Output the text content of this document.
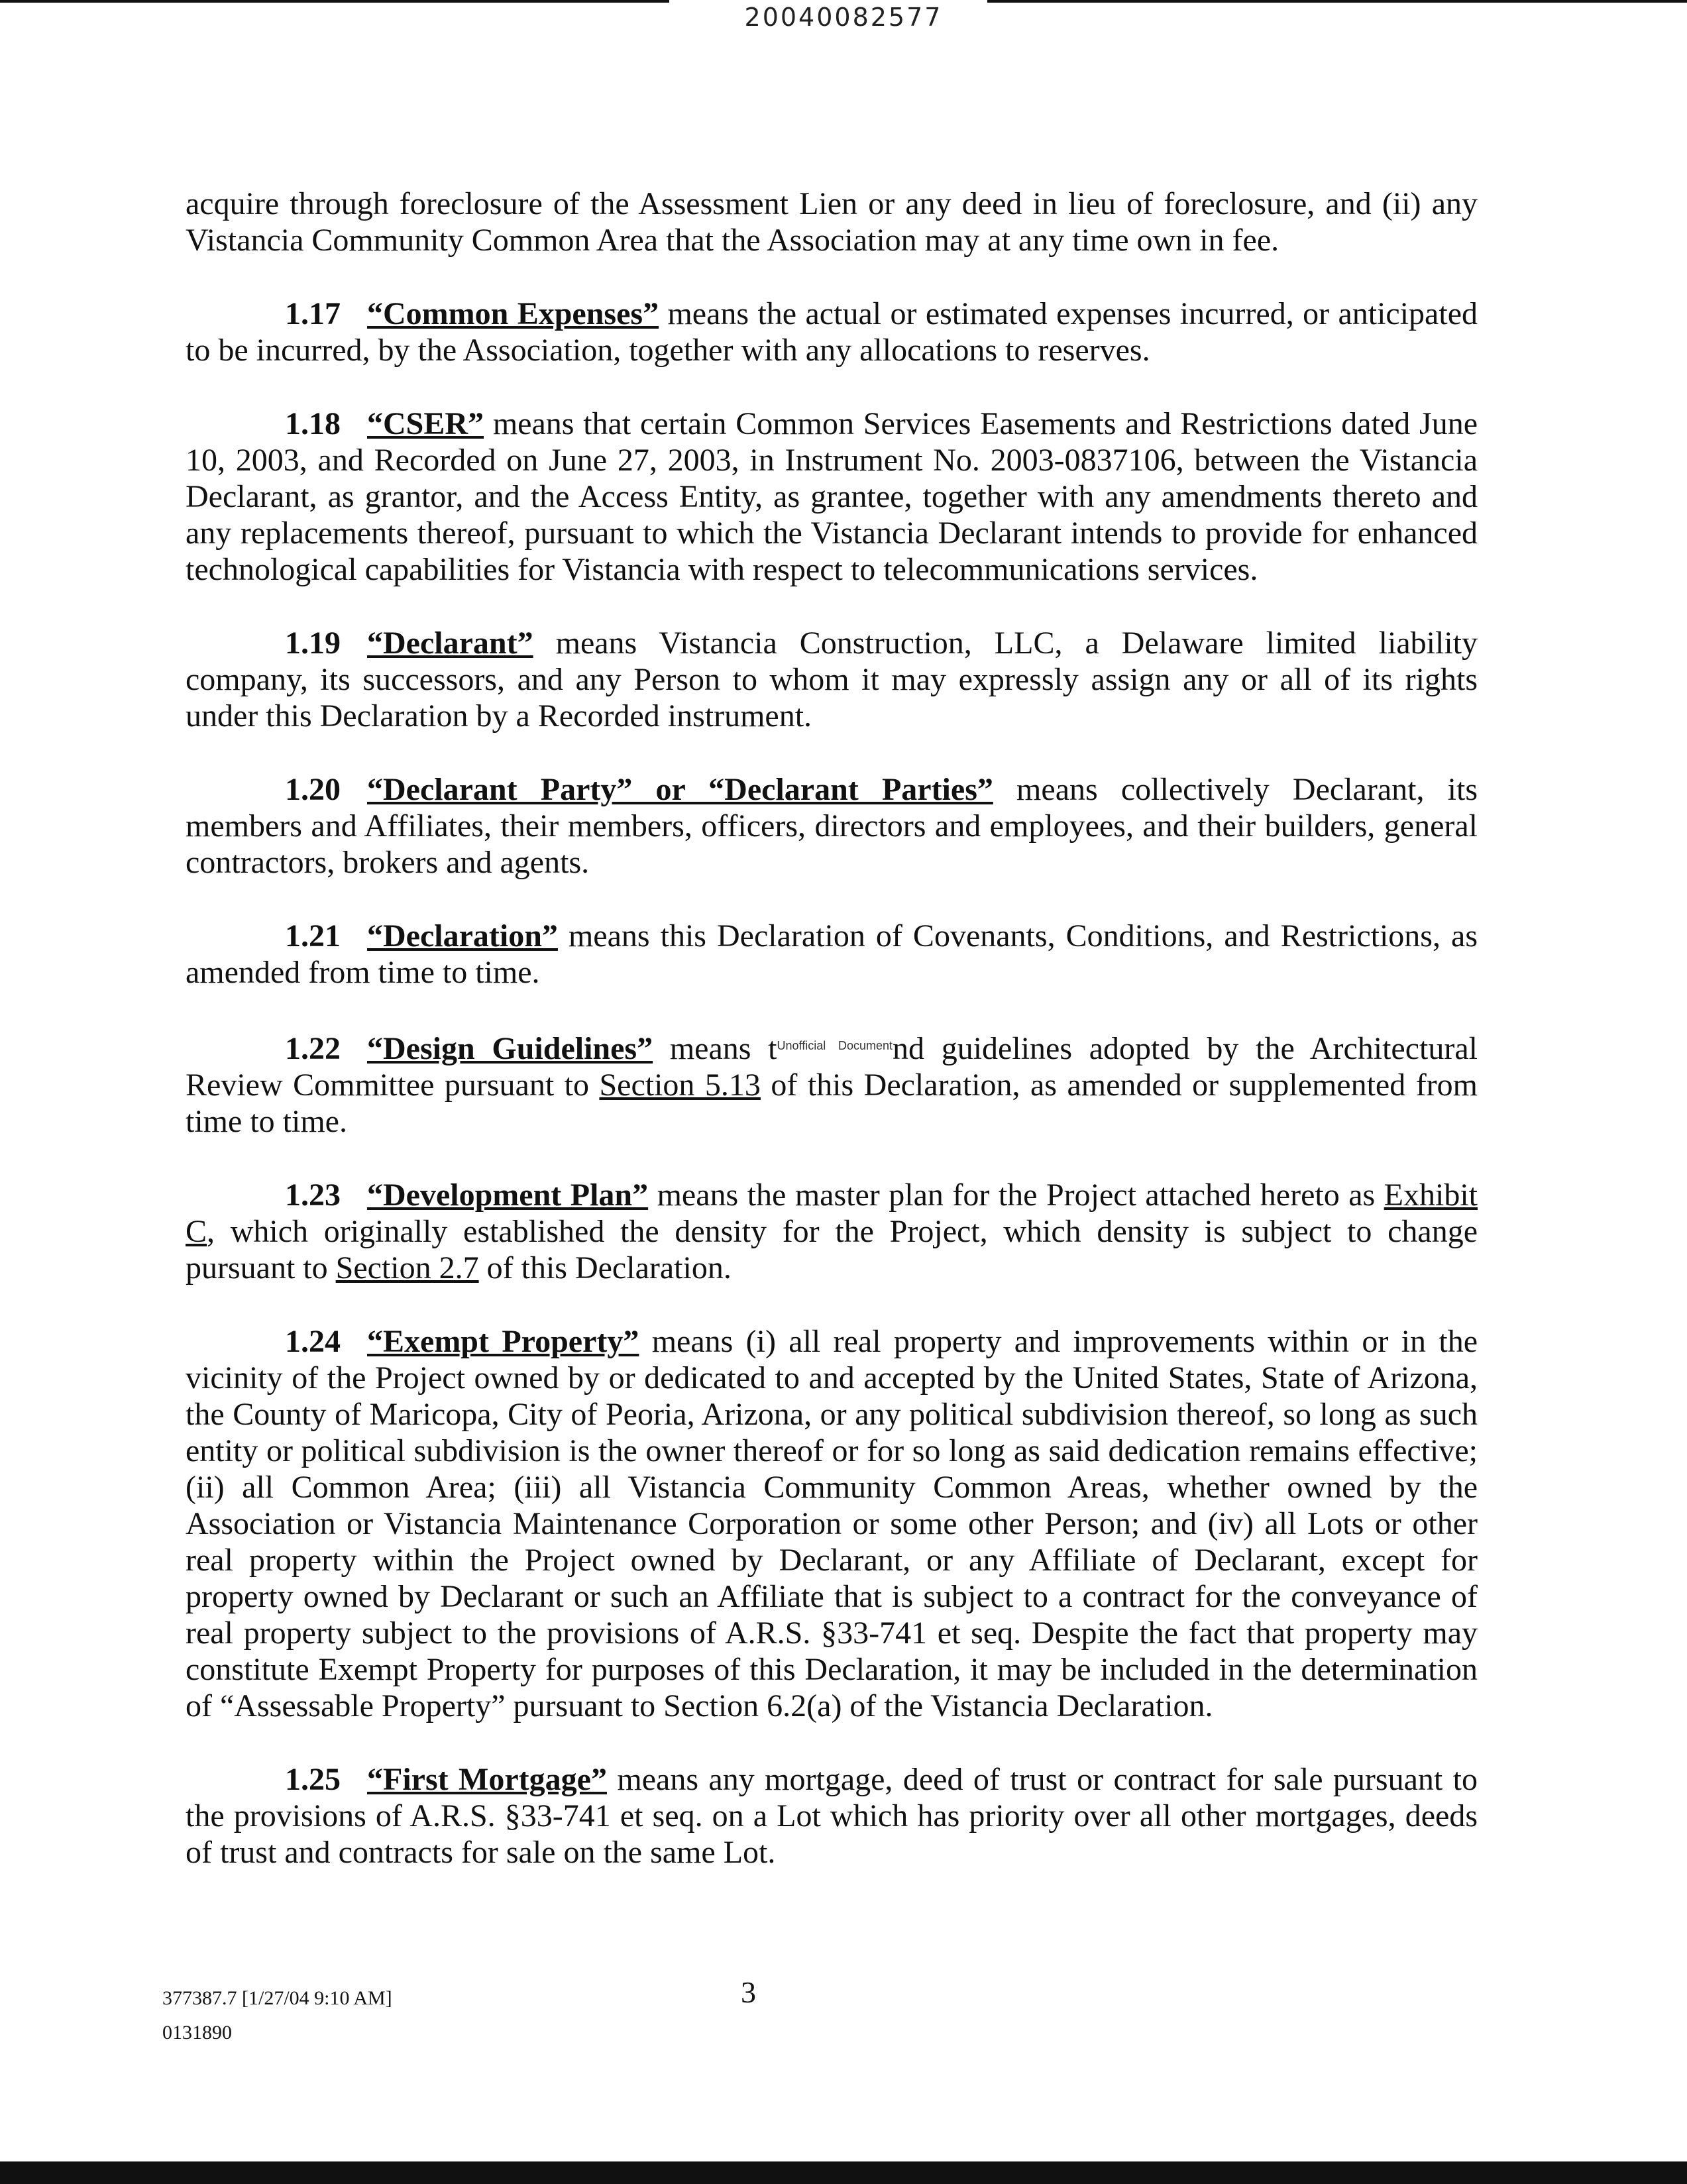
20040082577

acquire through foreclosure of the Assessment Lien or any deed in lieu of foreclosure, and (ii) any Vistancia Community Common Area that the Association may at any time own in fee.

1.17 “Common Expenses” means the actual or estimated expenses incurred, or anticipated to be incurred, by the Association, together with any allocations to reserves.

1.18 “CSER” means that certain Common Services Easements and Restrictions dated June 10, 2003, and Recorded on June 27, 2003, in Instrument No. 2003-0837106, between the Vistancia Declarant, as grantor, and the Access Entity, as grantee, together with any amendments thereto and any replacements thereof, pursuant to which the Vistancia Declarant intends to provide for enhanced technological capabilities for Vistancia with respect to telecommunications services.

1.19 “Declarant” means Vistancia Construction, LLC, a Delaware limited liability company, its successors, and any Person to whom it may expressly assign any or all of its rights under this Declaration by a Recorded instrument.

1.20 “Declarant Party” or “Declarant Parties” means collectively Declarant, its members and Affiliates, their members, officers, directors and employees, and their builders, general contractors, brokers and agents.

1.21 “Declaration” means this Declaration of Covenants, Conditions, and Restrictions, as amended from time to time.

1.22 “Design Guidelines” means $t^{Unofficial Document}nd$ guidelines adopted by the Architectural Review Committee pursuant to Section 5.13 of this Declaration, as amended or supplemented from time to time.

1.23 “Development Plan” means the master plan for the Project attached hereto as Exhibit C, which originally established the density for the Project, which density is subject to change pursuant to Section 2.7 of this Declaration.

1.24 “Exempt Property” means (i) all real property and improvements within or in the vicinity of the Project owned by or dedicated to and accepted by the United States, State of Arizona, the County of Maricopa, City of Peoria, Arizona, or any political subdivision thereof, so long as such entity or political subdivision is the owner thereof or for so long as said dedication remains effective; (ii) all Common Area; (iii) all Vistancia Community Common Areas, whether owned by the Association or Vistancia Maintenance Corporation or some other Person; and (iv) all Lots or other real property within the Project owned by Declarant, or any Affiliate of Declarant, except for property owned by Declarant or such an Affiliate that is subject to a contract for the conveyance of real property subject to the provisions of A.R.S. §33-741 et seq. Despite the fact that property may constitute Exempt Property for purposes of this Declaration, it may be included in the determination of “Assessable Property” pursuant to Section 6.2(a) of the Vistancia Declaration.

1.25 “First Mortgage” means any mortgage, deed of trust or contract for sale pursuant to the provisions of A.R.S. §33-741 et seq. on a Lot which has priority over all other mortgages, deeds of trust and contracts for sale on the same Lot.

377387.7 [1/27/04 9:10 AM]
0131890
3
